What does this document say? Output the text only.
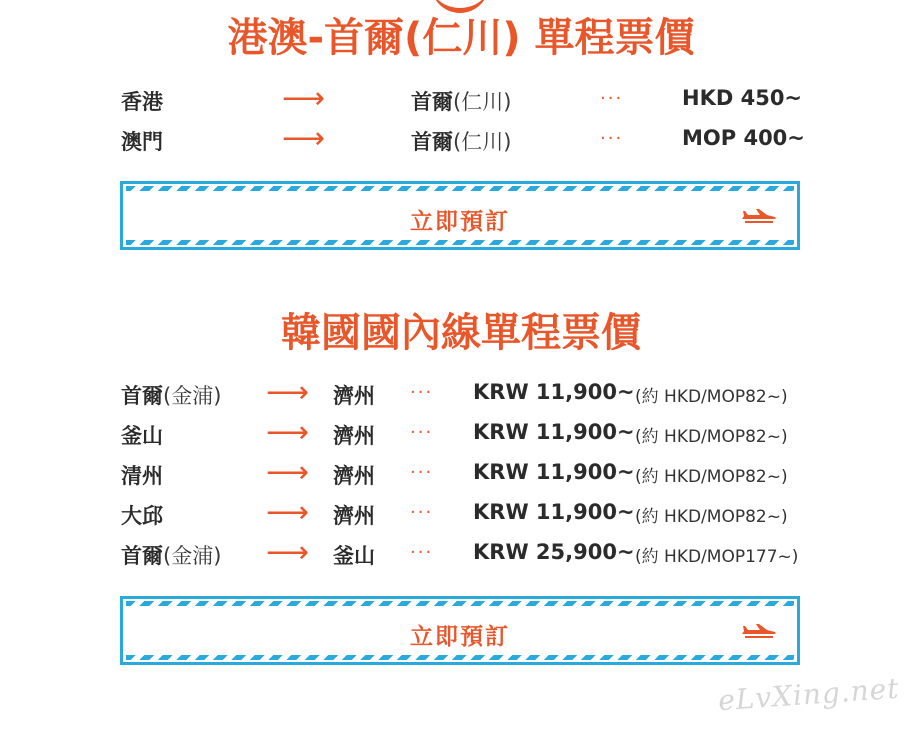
港澳-首爾(仁川) 單程票價
香港	⟶	首爾(仁川)	···	HKD 450~
澳門	⟶	首爾(仁川)	···	MOP 400~
立即預訂
韓國國內線單程票價
首爾(金浦) ⟶ 濟州 ··· KRW 11,900~ (約 HKD/MOP82~)
釜山	⟶ 濟州 ··· KRW 11,900~ (約 HKD/MOP82~)
清州	⟶ 濟州 ··· KRW 11,900~ (約 HKD/MOP82~)
大邱	⟶ 濟州 ··· KRW 11,900~ (約 HKD/MOP82~)
首爾(金浦) ⟶ 釜山 ··· KRW 25,900~ (約 HKD/MOP177~)
立即預訂
eLvXing.net
